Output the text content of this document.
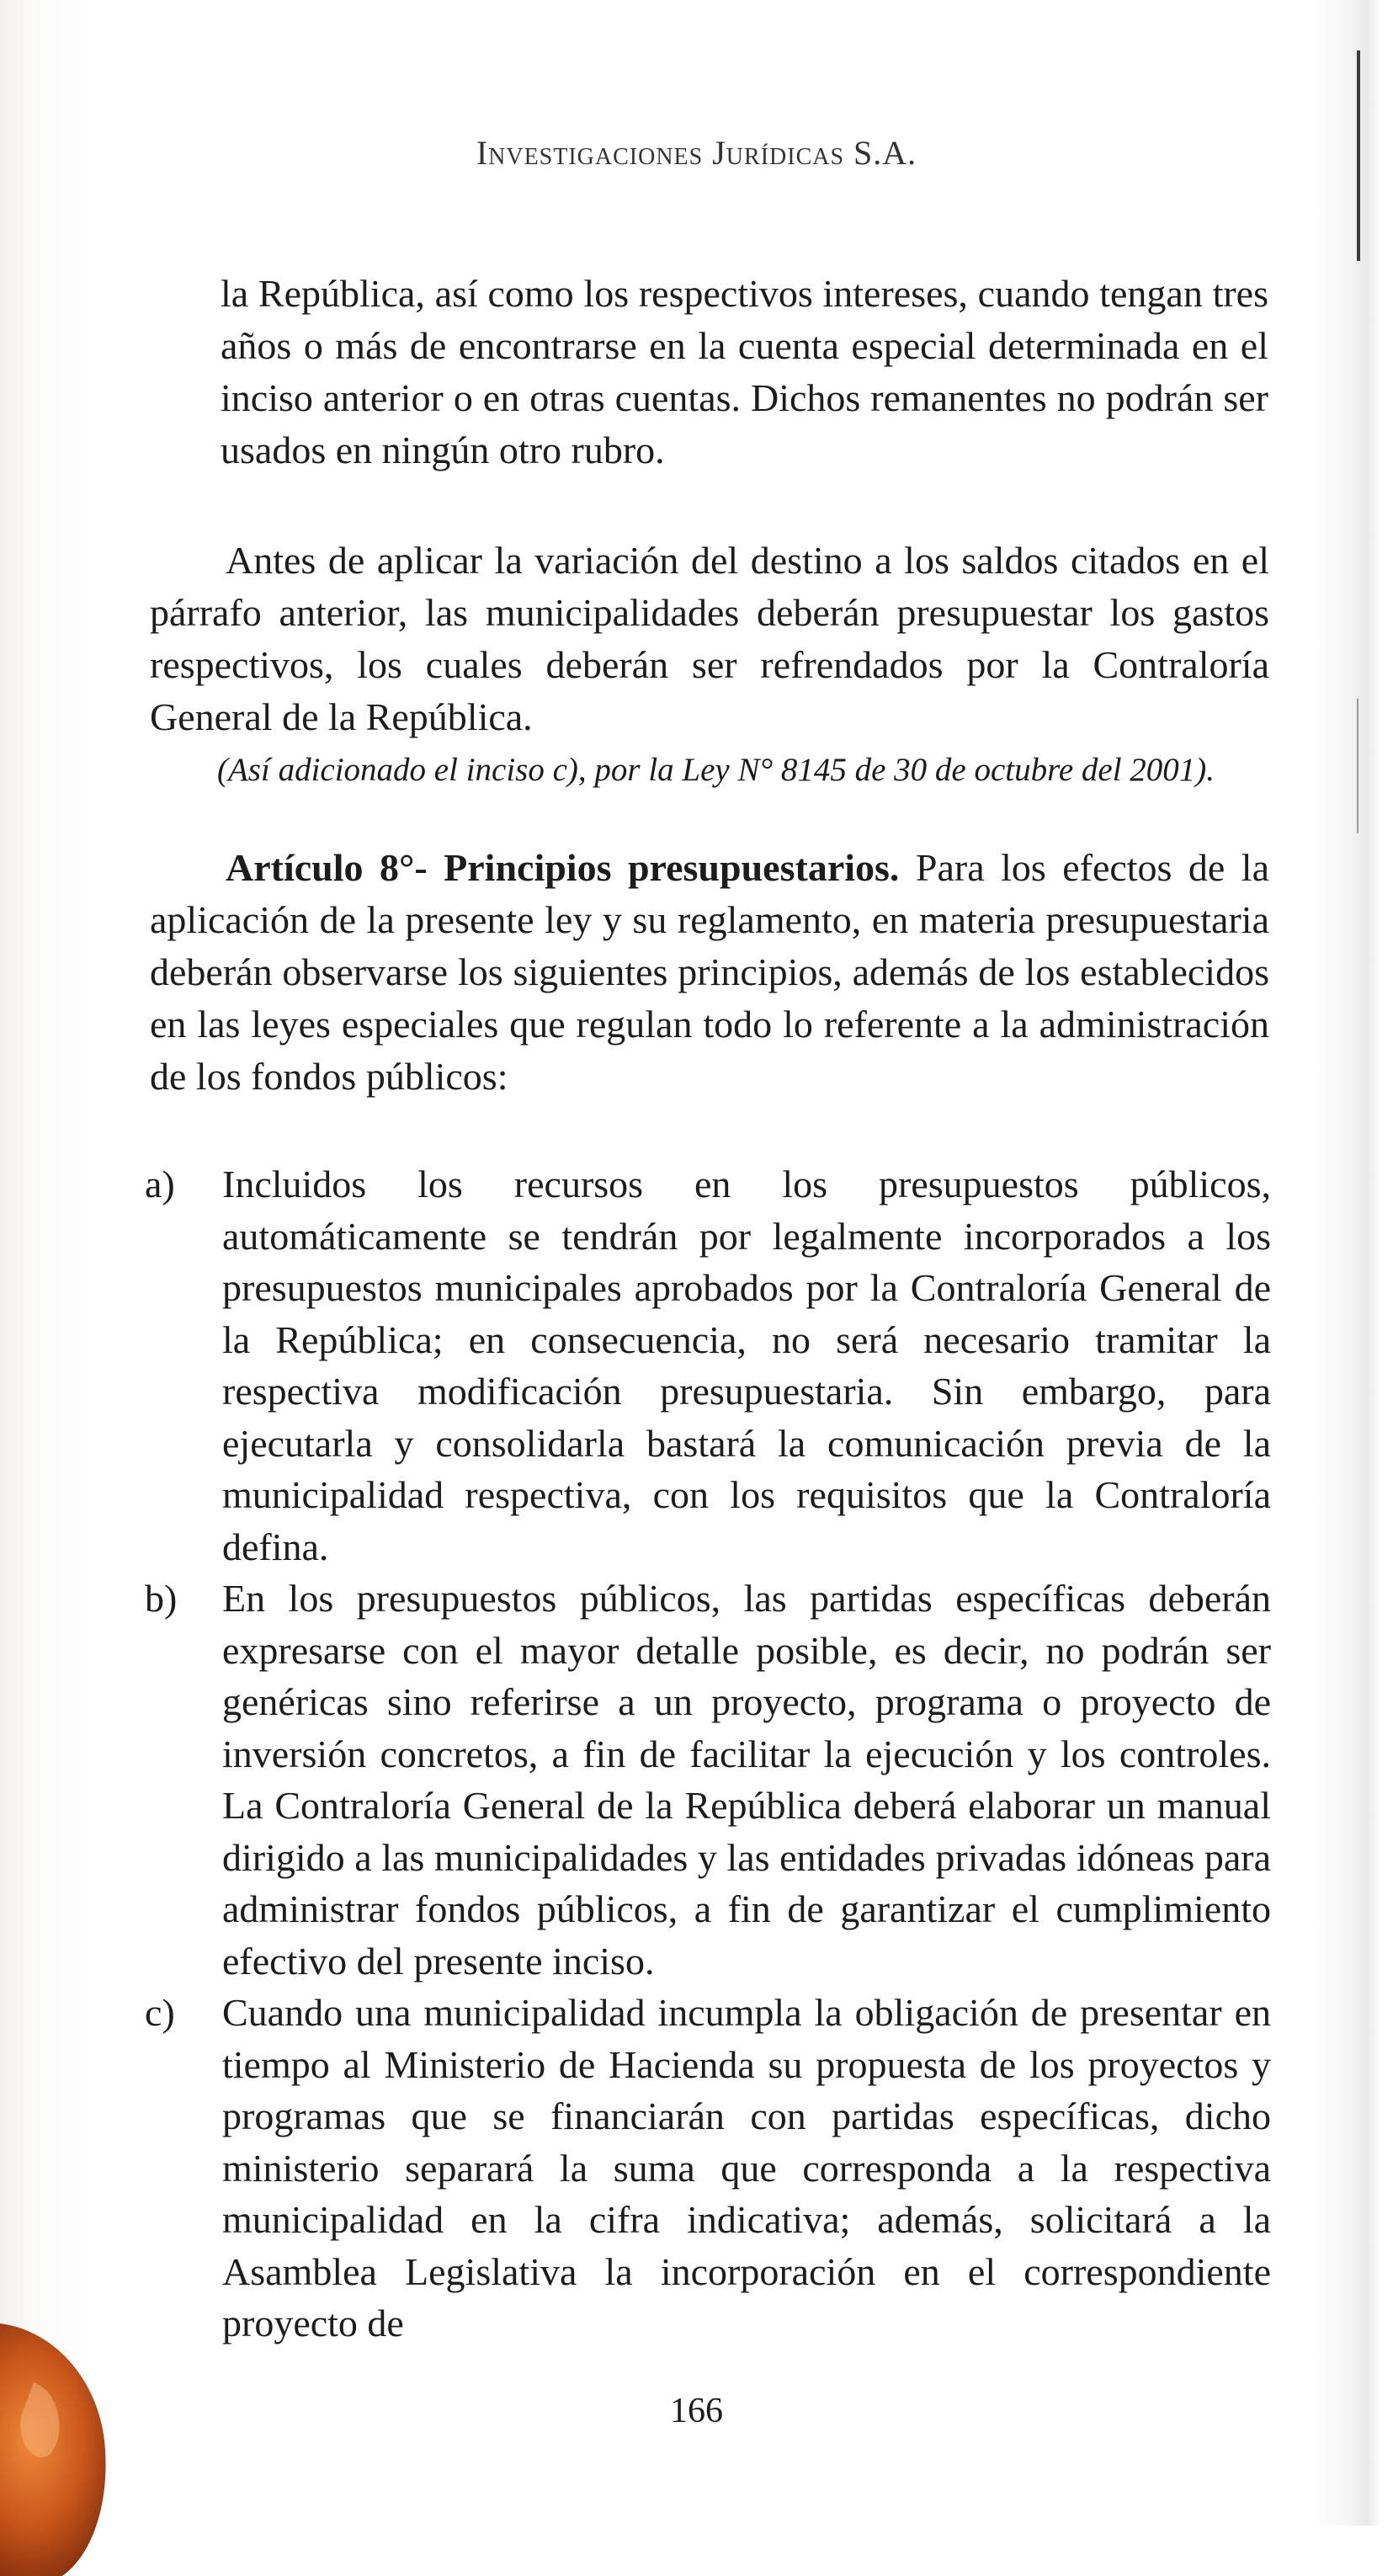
Investigaciones Jurídicas S.A.

la República, así como los respectivos intereses, cuando tengan tres años o más de encontrarse en la cuenta especial determinada en el inciso anterior o en otras cuentas. Dichos remanentes no podrán ser usados en ningún otro rubro.

Antes de aplicar la variación del destino a los saldos citados en el párrafo anterior, las municipalidades deberán presupuestar los gastos respectivos, los cuales deberán ser refrendados por la Contraloría General de la República.

(Así adicionado el inciso c), por la Ley N° 8145 de 30 de octubre del 2001).

Artículo 8°- Principios presupuestarios. Para los efectos de la aplicación de la presente ley y su reglamento, en materia presupuestaria deberán observarse los siguientes principios, además de los establecidos en las leyes especiales que regulan todo lo referente a la administración de los fondos públicos:

a)	Incluidos los recursos en los presupuestos públicos, automáticamente se tendrán por legalmente incorporados a los presupuestos municipales aprobados por la Contraloría General de la República; en consecuencia, no será necesario tramitar la respectiva modificación presupuestaria. Sin embargo, para ejecutarla y consolidarla bastará la comunicación previa de la municipalidad respectiva, con los requisitos que la Contraloría defina.
b)	En los presupuestos públicos, las partidas específicas deberán expresarse con el mayor detalle posible, es decir, no podrán ser genéricas sino referirse a un proyecto, programa o proyecto de inversión concretos, a fin de facilitar la ejecución y los controles. La Contraloría General de la República deberá elaborar un manual dirigido a las municipalidades y las entidades privadas idóneas para administrar fondos públicos, a fin de garantizar el cumplimiento efectivo del presente inciso.
c)	Cuando una municipalidad incumpla la obligación de presentar en tiempo al Ministerio de Hacienda su propuesta de los proyectos y programas que se financiarán con partidas específicas, dicho ministerio separará la suma que corresponda a la respectiva municipalidad en la cifra indicativa; además, solicitará a la Asamblea Legislativa la incorporación en el correspondiente proyecto de
166
